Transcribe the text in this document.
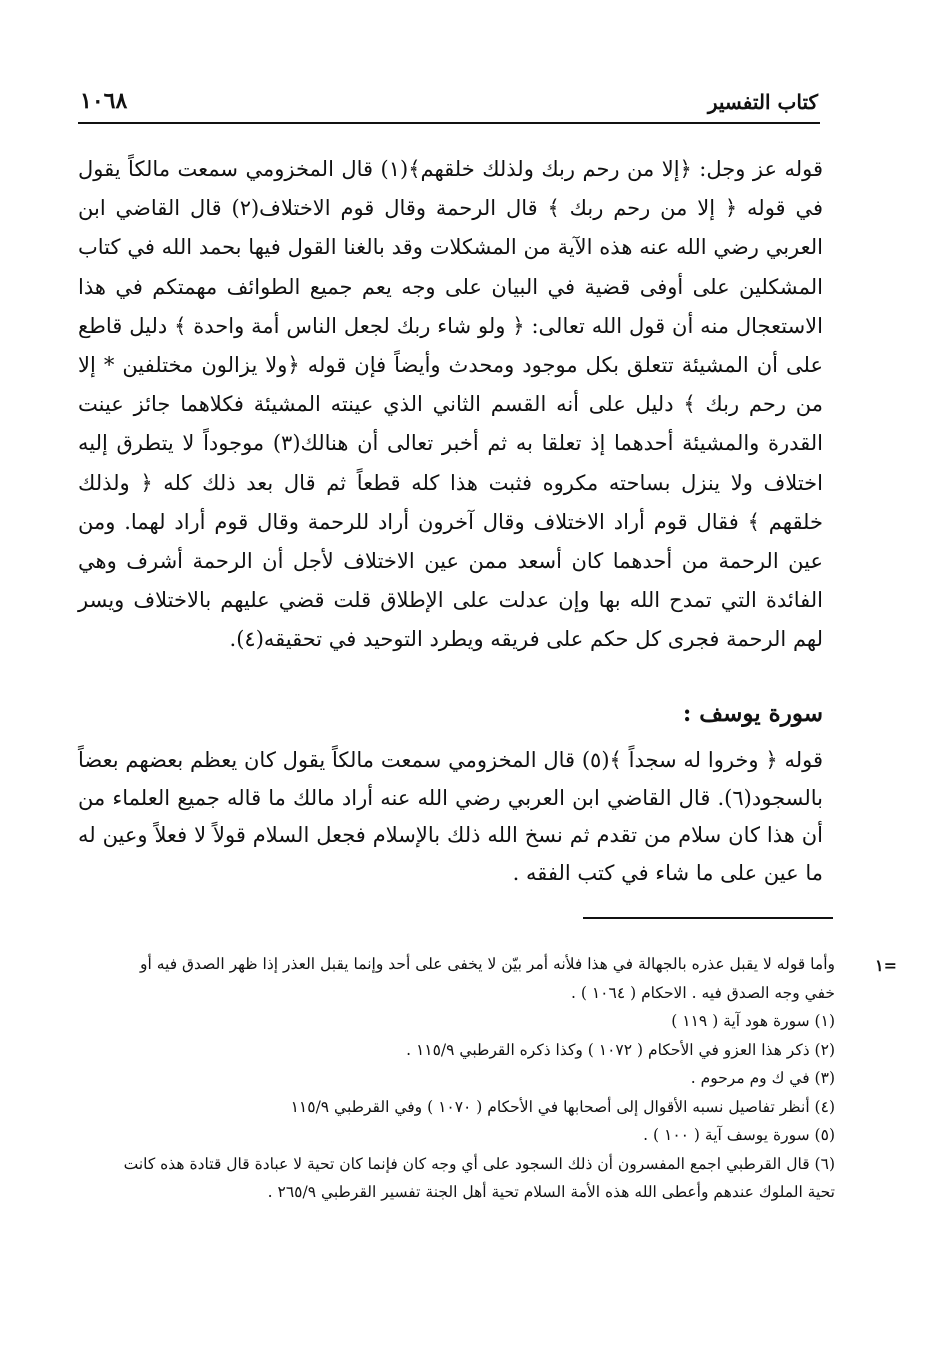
كتاب التفسير
١٠٦٨
قوله عز وجل: ﴿إلا من رحم ربك ولذلك خلقهم﴾(١) قال المخزومي سمعت مالكاً يقول في قوله ﴿ إلا من رحم ربك ﴾ قال الرحمة وقال قوم الاختلاف(٢) قال القاضي ابن العربي رضي الله عنه هذه الآية من المشكلات وقد بالغنا القول فيها بحمد الله في كتاب المشكلين على أوفى قضية في البيان على وجه يعم جميع الطوائف مهمتكم في هذا الاستعجال منه أن قول الله تعالى: ﴿ ولو شاء ربك لجعل الناس أمة واحدة ﴾ دليل قاطع على أن المشيئة تتعلق بكل موجود ومحدث وأيضاً فإن قوله ﴿ولا يزالون مختلفين * إلا من رحم ربك ﴾ دليل على أنه القسم الثاني الذي عينته المشيئة فكلاهما جائز عينت القدرة والمشيئة أحدهما إذ تعلقا به ثم أخبر تعالى أن هنالك(٣) موجوداً لا يتطرق إليه اختلاف ولا ينزل بساحته مكروه فثبت هذا كله قطعاً ثم قال بعد ذلك كله ﴿ ولذلك خلقهم ﴾ فقال قوم أراد الاختلاف وقال آخرون أراد للرحمة وقال قوم أراد لهما. ومن عين الرحمة من أحدهما كان أسعد ممن عين الاختلاف لأجل أن الرحمة أشرف وهي الفائدة التي تمدح الله بها وإن عدلت على الإطلاق قلت قضي عليهم بالاختلاف ويسر لهم الرحمة فجرى كل حكم على فريقه ويطرد التوحيد في تحقيقه(٤).
سورة يوسف :
قوله ﴿ وخروا له سجداً ﴾(٥) قال المخزومي سمعت مالكاً يقول كان يعظم بعضهم بعضاً بالسجود(٦). قال القاضي ابن العربي رضي الله عنه أراد مالك ما قاله جميع العلماء من أن هذا كان سلام من تقدم ثم نسخ الله ذلك بالإسلام فجعل السلام قولاً لا فعلاً وعين له ما عين على ما شاء في كتب الفقه .
١=
وأما قوله لا يقبل عذره بالجهالة في هذا فلأنه أمر بيّن لا يخفى على أحد وإنما يقبل العذر إذا ظهر الصدق فيه أو
خفي وجه الصدق فيه . الاحكام ( ١٠٦٤ ) .
(١) سورة هود آية ( ١١٩ )
(٢) ذكر هذا العزو في الأحكام ( ١٠٧٢ ) وكذا ذكره القرطبي ١١٥/٩ .
(٣) في ك وم مرحوم .
(٤) أنظر تفاصيل نسبه الأقوال إلى أصحابها في الأحكام ( ١٠٧٠ ) وفي القرطبي ١١٥/٩
(٥) سورة يوسف آية ( ١٠٠ ) .
(٦) قال القرطبي اجمع المفسرون أن ذلك السجود على أي وجه كان فإنما كان تحية لا عبادة قال قتادة هذه كانت
تحية الملوك عندهم وأعطى الله هذه الأمة السلام تحية أهل الجنة تفسير القرطبي ٢٦٥/٩ .
